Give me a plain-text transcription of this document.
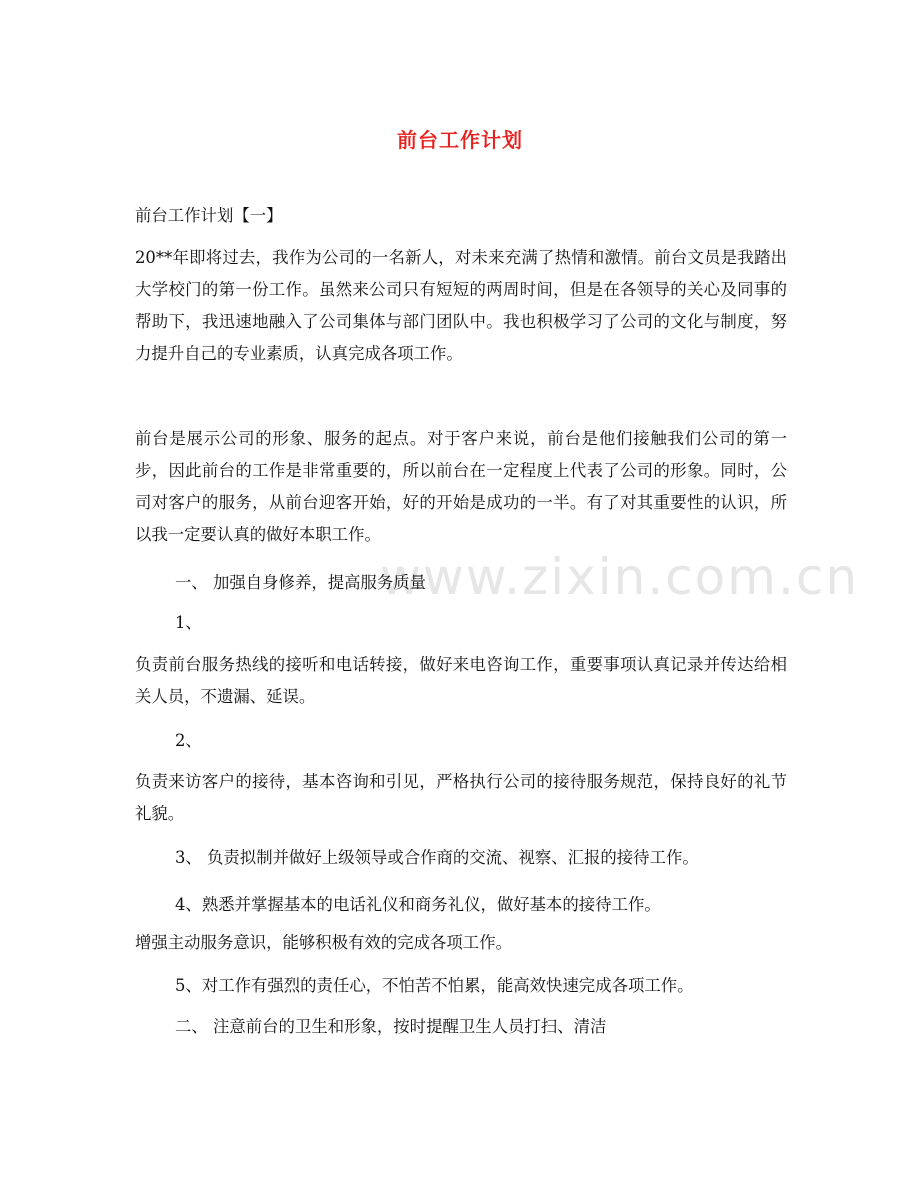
www.zixin.com.cn
前台工作计划
前台工作计划【一】
20**年即将过去，我作为公司的一名新人，对未来充满了热情和激情。前台文员是我踏出大学校门的第一份工作。虽然来公司只有短短的两周时间，但是在各领导的关心及同事的帮助下，我迅速地融入了公司集体与部门团队中。我也积极学习了公司的文化与制度，努力提升自己的专业素质，认真完成各项工作。
前台是展示公司的形象、服务的起点。对于客户来说，前台是他们接触我们公司的第一步，因此前台的工作是非常重要的，所以前台在一定程度上代表了公司的形象。同时，公司对客户的服务，从前台迎客开始，好的开始是成功的一半。有了对其重要性的认识，所以我一定要认真的做好本职工作。
一、 加强自身修养，提高服务质量
1、
负责前台服务热线的接听和电话转接，做好来电咨询工作，重要事项认真记录并传达给相关人员，不遗漏、延误。
2、
负责来访客户的接待，基本咨询和引见，严格执行公司的接待服务规范，保持良好的礼节礼貌。
3、 负责拟制并做好上级领导或合作商的交流、视察、汇报的接待工作。
4、熟悉并掌握基本的电话礼仪和商务礼仪，做好基本的接待工作。
增强主动服务意识，能够积极有效的完成各项工作。
5、对工作有强烈的责任心，不怕苦不怕累，能高效快速完成各项工作。
二、 注意前台的卫生和形象，按时提醒卫生人员打扫、清洁
